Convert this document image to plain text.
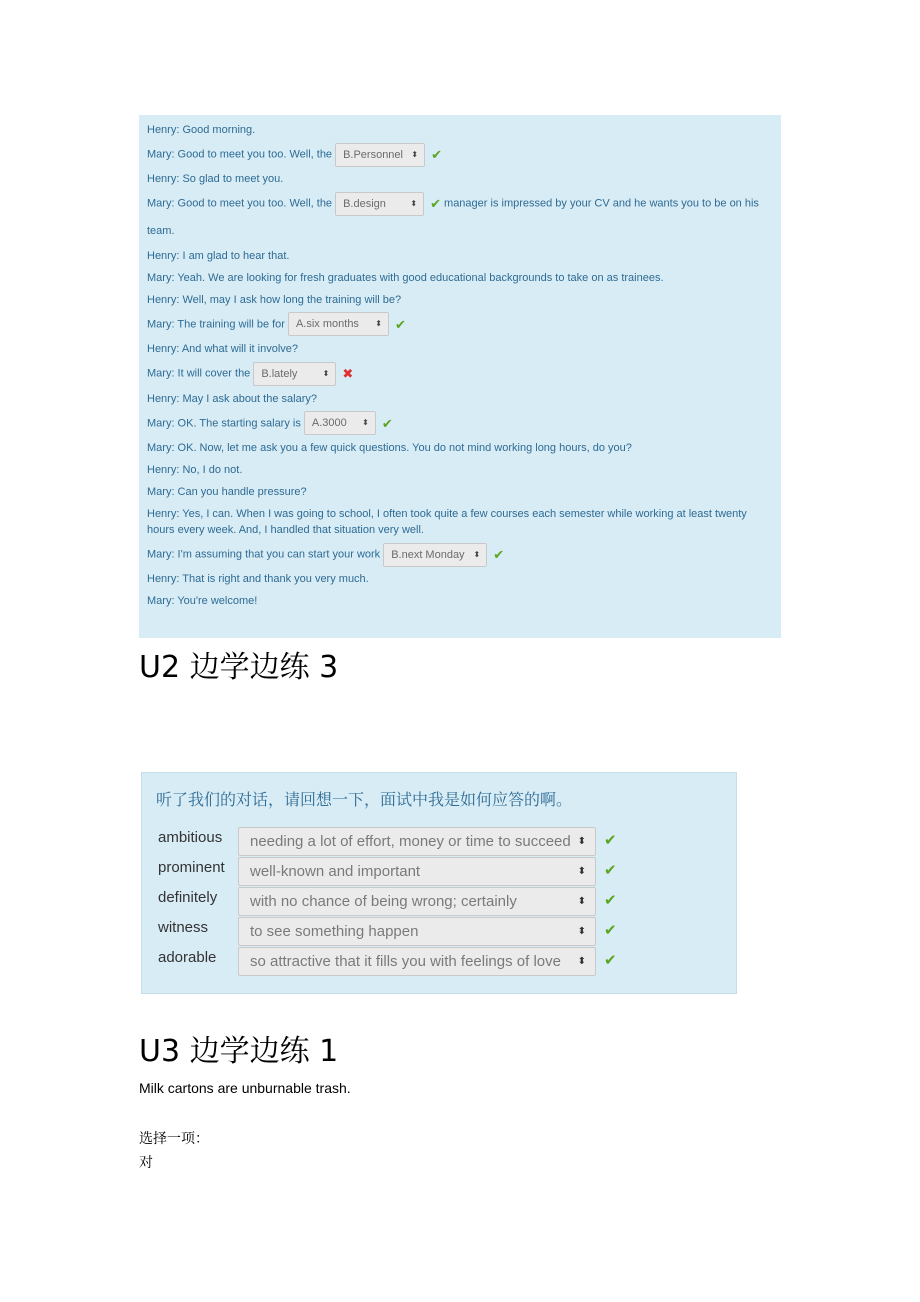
Henry: Good morning.
Mary: Good to meet you too. Well, the B.Personnel ⬍ ✔
Henry: So glad to meet you.
Mary: Good to meet you too. Well, the B.design	⬍ ✔ manager is impressed by your CV and he wants you to be on his team.
Henry: I am glad to hear that.
Mary: Yeah. We are looking for fresh graduates with good educational backgrounds to take on as trainees.
Henry: Well, may I ask how long the training will be?
Mary: The training will be for A.six months ⬍ ✔
Henry: And what will it involve?
Mary: It will cover the B.lately	⬍ ✖
Henry: May I ask about the salary?
Mary: OK. The starting salary is A.3000 ⬍ ✔
Mary: OK. Now, let me ask you a few quick questions. You do not mind working long hours, do you?
Henry: No, I do not.
Mary: Can you handle pressure?
Henry: Yes, I can. When I was going to school, I often took quite a few courses each semester while working at least twenty hours every week. And, I handled that situation very well.
Mary: I'm assuming that you can start your work B.next Monday ⬍ ✔
Henry: That is right and thank you very much.
Mary: You're welcome!
U2 边学边练 3
听了我们的对话，请回想一下，面试中我是如何应答的啊。
ambitious	needing a lot of effort, money or time to succeed ⬍ ✔
prominent	well-known and important	⬍ ✔
definitely	with no chance of being wrong; certainly	⬍ ✔
witness	to see something happen	⬍ ✔
adorable	so attractive that it fills you with feelings of love ⬍ ✔
U3 边学边练 1
Milk cartons are unburnable trash.
选择一项：
对
